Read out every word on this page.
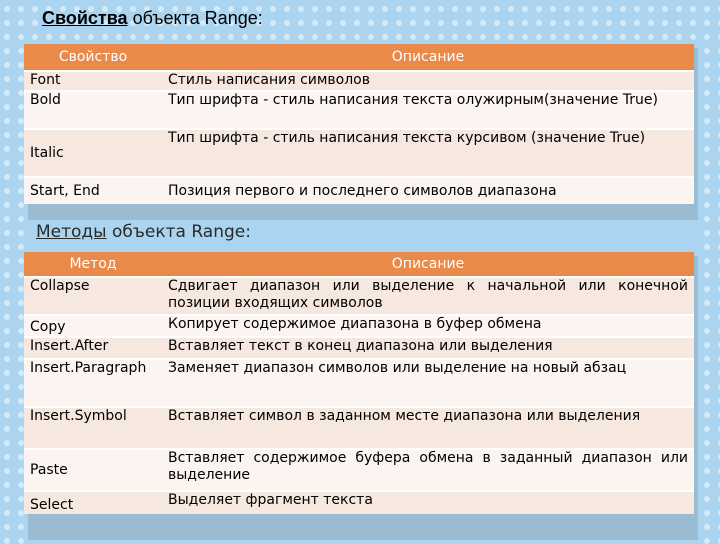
Свойства объекта Range:
Свойство	Описание
Font	Стиль написания символов
Bold	Тип шрифта - стиль написания текста олужирным(значение True)
Italic	Тип шрифта - стиль написания текста курсивом (значение True)
Start, End	Позиция первого и последнего символов диапазона
Методы объекта Range:
Метод	Описание
Collapse	Сдвигает диапазон или выделение к начальной или конечной позиции входящих символов
Copy	Копирует содержимое диапазона в буфер обмена
Insert.After	Вставляет текст в конец диапазона или выделения
Insert.Paragraph	Заменяет диапазон символов или выделение на новый абзац
Insert.Symbol	Вставляет символ в заданном месте диапазона или выделения
Paste	Вставляет содержимое буфера обмена в заданный диапазон или выделение
Select	Выделяет фрагмент текста
